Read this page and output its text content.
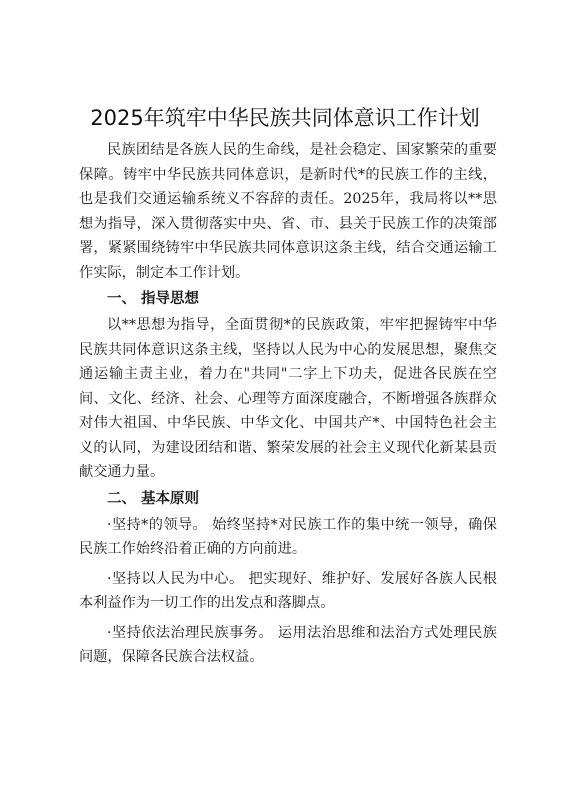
2025年筑牢中华民族共同体意识工作计划

民族团结是各族人民的生命线，是社会稳定、国家繁荣的重要保障。铸牢中华民族共同体意识，是新时代*的民族工作的主线，也是我们交通运输系统义不容辞的责任。2025年，我局将以**思想为指导，深入贯彻落实中央、省、市、县关于民族工作的决策部署，紧紧围绕铸牢中华民族共同体意识这条主线，结合交通运输工作实际，制定本工作计划。

一、 指导思想

以**思想为指导，全面贯彻*的民族政策，牢牢把握铸牢中华民族共同体意识这条主线，坚持以人民为中心的发展思想，聚焦交通运输主责主业，着力在"共同"二字上下功夫，促进各民族在空间、文化、经济、社会、心理等方面深度融合，不断增强各族群众对伟大祖国、中华民族、中华文化、中国共产*、中国特色社会主义的认同，为建设团结和谐、繁荣发展的社会主义现代化新某县贡献交通力量。

二、 基本原则

·坚持*的领导。 始终坚持*对民族工作的集中统一领导，确保民族工作始终沿着正确的方向前进。

·坚持以人民为中心。 把实现好、维护好、发展好各族人民根本利益作为一切工作的出发点和落脚点。

·坚持依法治理民族事务。 运用法治思维和法治方式处理民族问题，保障各民族合法权益。
